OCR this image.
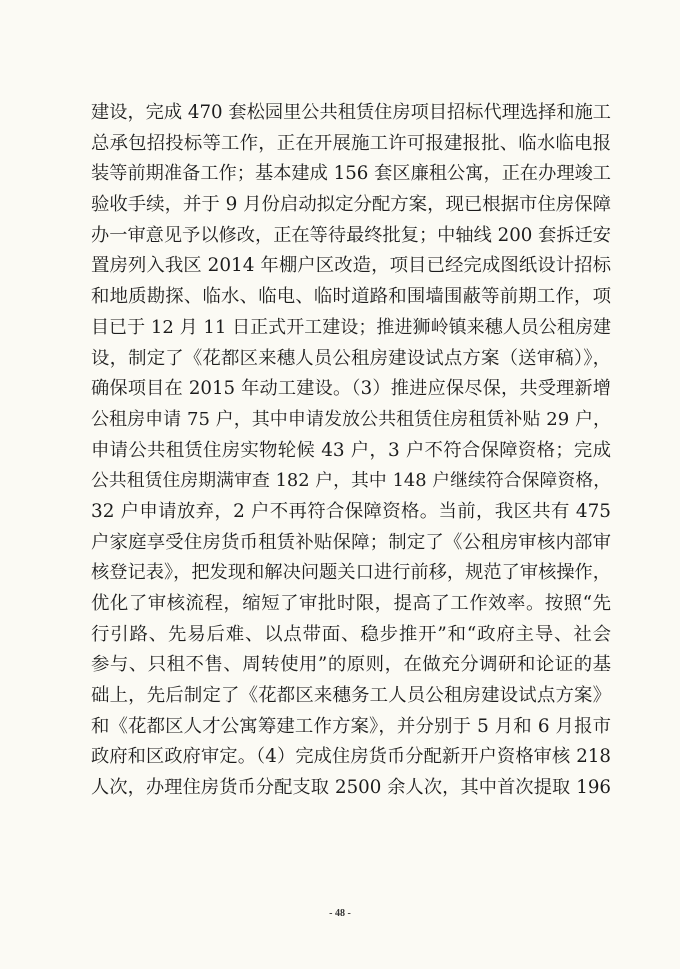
建设，完成 470 套松园里公共租赁住房项目招标代理选择和施工
总承包招投标等工作，正在开展施工许可报建报批、临水临电报
装等前期准备工作；基本建成 156 套区廉租公寓，正在办理竣工
验收手续，并于 9 月份启动拟定分配方案，现已根据市住房保障
办一审意见予以修改，正在等待最终批复；中轴线 200 套拆迁安
置房列入我区 2014 年棚户区改造，项目已经完成图纸设计招标
和地质勘探、临水、临电、临时道路和围墙围蔽等前期工作，项
目已于 12 月 11 日正式开工建设；推进狮岭镇来穗人员公租房建
设，制定了《花都区来穗人员公租房建设试点方案（送审稿）》，
确保项目在 2015 年动工建设。（3）推进应保尽保，共受理新增
公租房申请 75 户，其中申请发放公共租赁住房租赁补贴 29 户，
申请公共租赁住房实物轮候 43 户，3 户不符合保障资格；完成
公共租赁住房期满审查 182 户，其中 148 户继续符合保障资格，
32 户申请放弃，2 户不再符合保障资格。当前，我区共有 475
户家庭享受住房货币租赁补贴保障；制定了《公租房审核内部审
核登记表》，把发现和解决问题关口进行前移，规范了审核操作，
优化了审核流程，缩短了审批时限，提高了工作效率。按照“先
行引路、先易后难、以点带面、稳步推开”和“政府主导、社会
参与、只租不售、周转使用”的原则，在做充分调研和论证的基
础上，先后制定了《花都区来穗务工人员公租房建设试点方案》
和《花都区人才公寓筹建工作方案》，并分别于 5 月和 6 月报市
政府和区政府审定。（4）完成住房货币分配新开户资格审核 218
人次，办理住房货币分配支取 2500 余人次，其中首次提取 196
- 48 -
